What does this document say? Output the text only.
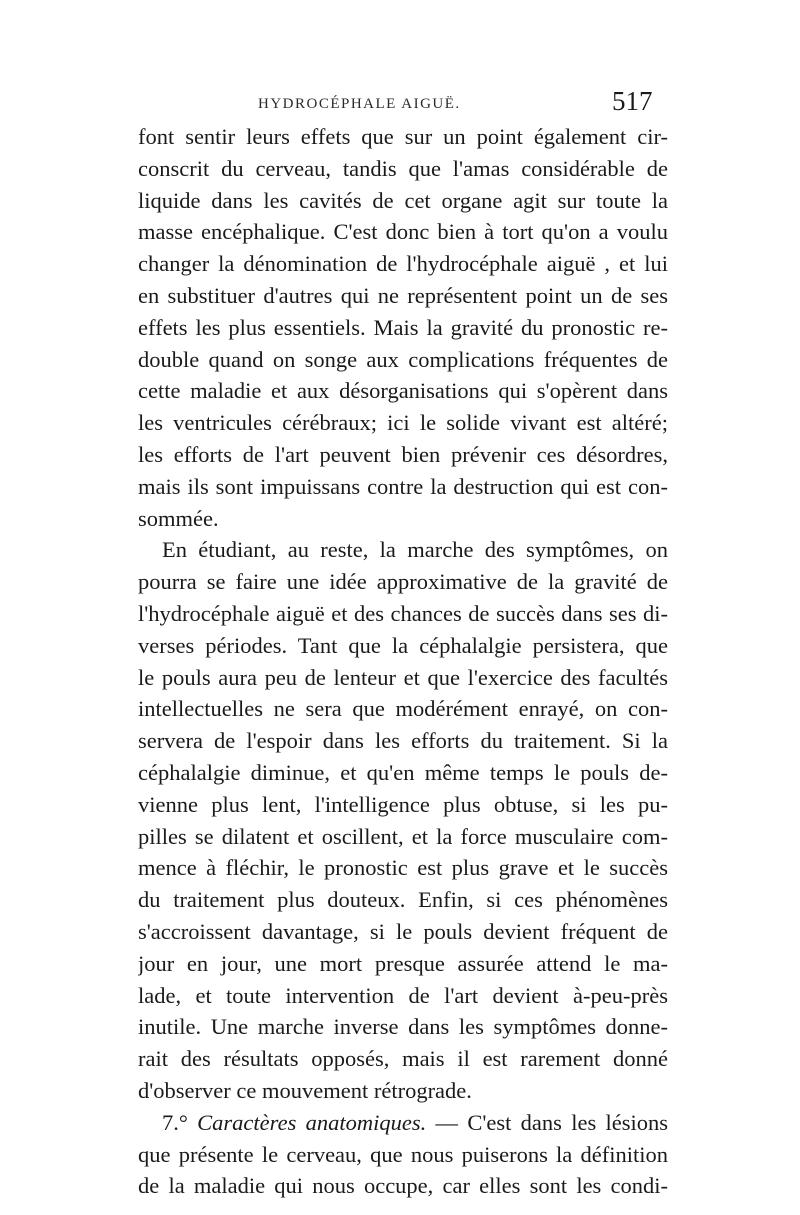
HYDROCÉPHALE AIGUË.	517
font sentir leurs effets que sur un point également cir-
conscrit du cerveau, tandis que l'amas considérable de
liquide dans les cavités de cet organe agit sur toute la
masse encéphalique. C'est donc bien à tort qu'on a voulu
changer la dénomination de l'hydrocéphale aiguë , et lui
en substituer d'autres qui ne représentent point un de ses
effets les plus essentiels. Mais la gravité du pronostic re-
double quand on songe aux complications fréquentes de
cette maladie et aux désorganisations qui s'opèrent dans
les ventricules cérébraux; ici le solide vivant est altéré;
les efforts de l'art peuvent bien prévenir ces désordres,
mais ils sont impuissans contre la destruction qui est con-
sommée.
En étudiant, au reste, la marche des symptômes, on
pourra se faire une idée approximative de la gravité de
l'hydrocéphale aiguë et des chances de succès dans ses di-
verses périodes. Tant que la céphalalgie persistera, que
le pouls aura peu de lenteur et que l'exercice des facultés
intellectuelles ne sera que modérément enrayé, on con-
servera de l'espoir dans les efforts du traitement. Si la
céphalalgie diminue, et qu'en même temps le pouls de-
vienne plus lent, l'intelligence plus obtuse, si les pu-
pilles se dilatent et oscillent, et la force musculaire com-
mence à fléchir, le pronostic est plus grave et le succès
du traitement plus douteux. Enfin, si ces phénomènes
s'accroissent davantage, si le pouls devient fréquent de
jour en jour, une mort presque assurée attend le ma-
lade, et toute intervention de l'art devient à-peu-près
inutile. Une marche inverse dans les symptômes donne-
rait des résultats opposés, mais il est rarement donné
d'observer ce mouvement rétrograde.
7.° Caractères anatomiques. — C'est dans les lésions
que présente le cerveau, que nous puiserons la définition
de la maladie qui nous occupe, car elles sont les condi-
